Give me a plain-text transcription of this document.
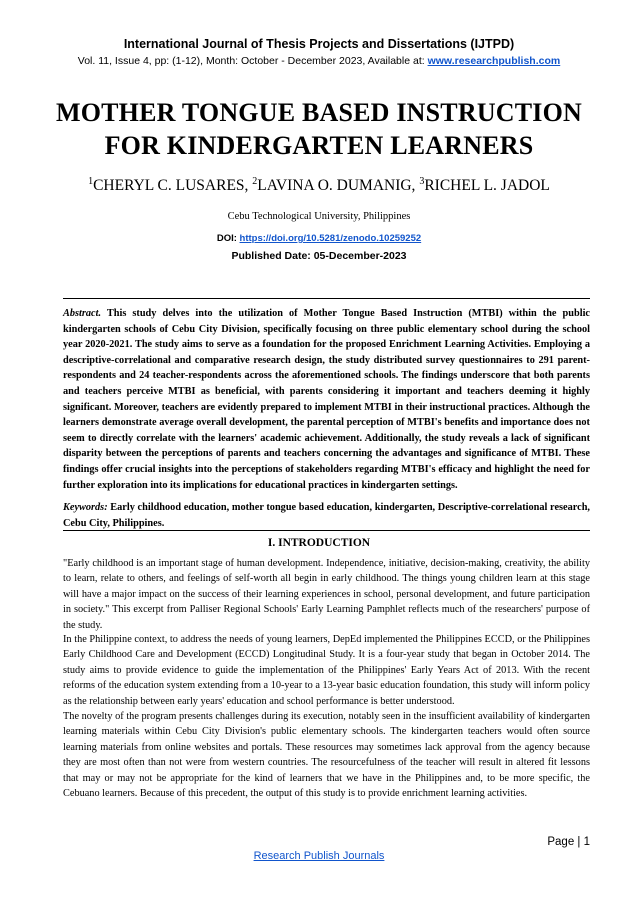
International Journal of Thesis Projects and Dissertations (IJTPD)
Vol. 11, Issue 4, pp: (1-12), Month: October - December 2023, Available at: www.researchpublish.com
MOTHER TONGUE BASED INSTRUCTION
FOR KINDERGARTEN LEARNERS
$^1$CHERYL C. LUSARES, $^2$LAVINA O. DUMANIG, $^3$RICHEL L. JADOL
Cebu Technological University, Philippines
DOI: https://doi.org/10.5281/zenodo.10259252
Published Date: 05-December-2023
Abstract. This study delves into the utilization of Mother Tongue Based Instruction (MTBI) within the public kindergarten schools of Cebu City Division, specifically focusing on three public elementary school during the school year 2020-2021. The study aims to serve as a foundation for the proposed Enrichment Learning Activities. Employing a descriptive-correlational and comparative research design, the study distributed survey questionnaires to 291 parent-respondents and 24 teacher-respondents across the aforementioned schools. The findings underscore that both parents and teachers perceive MTBI as beneficial, with parents considering it important and teachers deeming it highly significant. Moreover, teachers are evidently prepared to implement MTBI in their instructional practices. Although the learners demonstrate average overall development, the parental perception of MTBI's benefits and importance does not seem to directly correlate with the learners' academic achievement. Additionally, the study reveals a lack of significant disparity between the perceptions of parents and teachers concerning the advantages and significance of MTBI. These findings offer crucial insights into the perceptions of stakeholders regarding MTBI's efficacy and highlight the need for further exploration into its implications for educational practices in kindergarten settings.
Keywords: Early childhood education, mother tongue based education, kindergarten, Descriptive-correlational research, Cebu City, Philippines.
I. INTRODUCTION
"Early childhood is an important stage of human development. Independence, initiative, decision-making, creativity, the ability to learn, relate to others, and feelings of self-worth all begin in early childhood. The things young children learn at this stage will have a major impact on the success of their learning experiences in school, personal development, and future participation in society." This excerpt from Palliser Regional Schools' Early Learning Pamphlet reflects much of the researchers' purpose of the study.
In the Philippine context, to address the needs of young learners, DepEd implemented the Philippines ECCD, or the Philippines Early Childhood Care and Development (ECCD) Longitudinal Study. It is a four-year study that began in October 2014. The study aims to provide evidence to guide the implementation of the Philippines' Early Years Act of 2013. With the recent reforms of the education system extending from a 10-year to a 13-year basic education foundation, this study will inform policy as the relationship between early years' education and school performance is better understood.
The novelty of the program presents challenges during its execution, notably seen in the insufficient availability of kindergarten learning materials within Cebu City Division's public elementary schools. The kindergarten teachers would often source learning materials from online websites and portals. These resources may sometimes lack approval from the agency because they are most often than not were from western countries. The resourcefulness of the teacher will result in altered fit lessons that may or may not be appropriate for the kind of learners that we have in the Philippines and, to be more specific, the Cebuano learners. Because of this precedent, the output of this study is to provide enrichment learning activities.
Page | 1
Research Publish Journals
